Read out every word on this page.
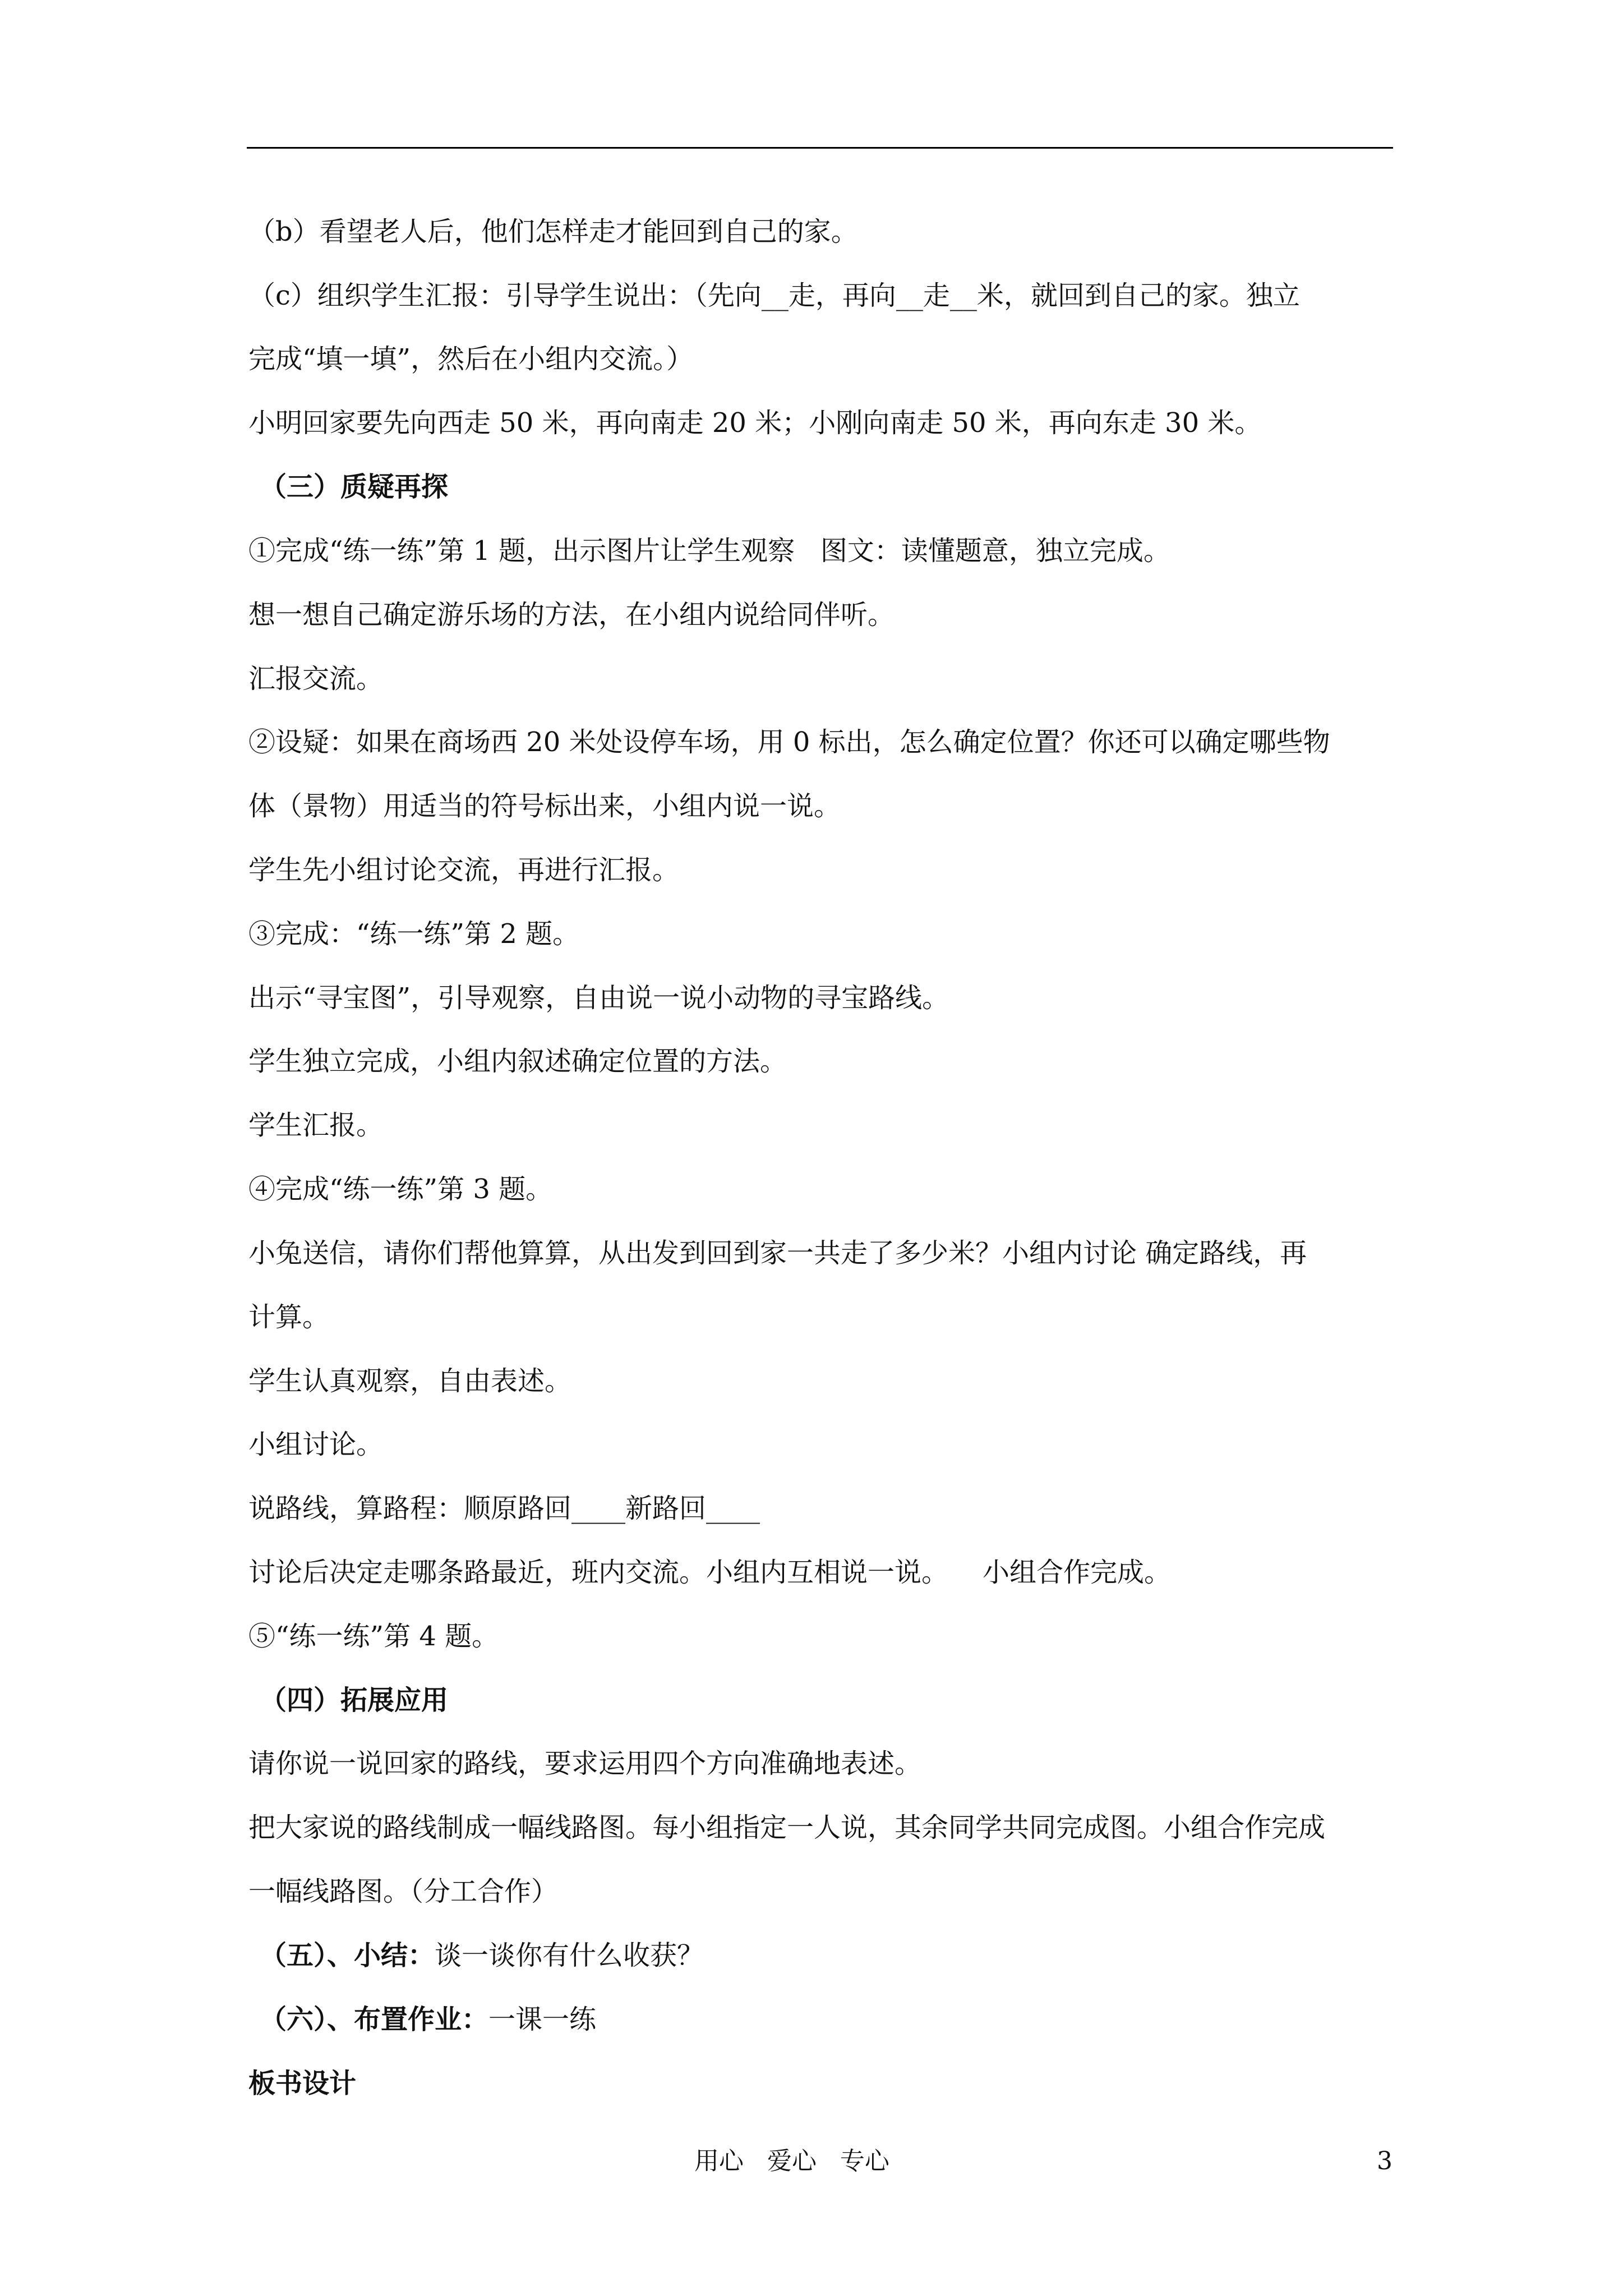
（b）看望老人后，他们怎样走才能回到自己的家。
（c）组织学生汇报：引导学生说出：（先向__走，再向__走__米，就回到自己的家。独立
完成“填一填”，然后在小组内交流。）
小明回家要先向西走 50 米，再向南走 20 米；小刚向南走 50 米，再向东走 30 米。
（三）质疑再探
①完成“练一练”第 1 题，出示图片让学生观察   图文：读懂题意，独立完成。
想一想自己确定游乐场的方法，在小组内说给同伴听。
汇报交流。
②设疑：如果在商场西 20 米处设停车场，用 0 标出，怎么确定位置？你还可以确定哪些物
体（景物）用适当的符号标出来，小组内说一说。
学生先小组讨论交流，再进行汇报。
③完成：“练一练”第 2 题。
出示“寻宝图”，引导观察，自由说一说小动物的寻宝路线。
学生独立完成，小组内叙述确定位置的方法。
学生汇报。
④完成“练一练”第 3 题。
小兔送信，请你们帮他算算，从出发到回到家一共走了多少米？小组内讨论 确定路线，再
计算。
学生认真观察，自由表述。
小组讨论。
说路线，算路程：顺原路回____新路回____
讨论后决定走哪条路最近，班内交流。小组内互相说一说。    小组合作完成。
⑤“练一练”第 4 题。
（四）拓展应用
请你说一说回家的路线，要求运用四个方向准确地表述。
把大家说的路线制成一幅线路图。每小组指定一人说，其余同学共同完成图。小组合作完成
一幅线路图。（分工合作）
（五）、小结：谈一谈你有什么收获？
（六）、布置作业：一课一练
板书设计
用心   爱心   专心	3
